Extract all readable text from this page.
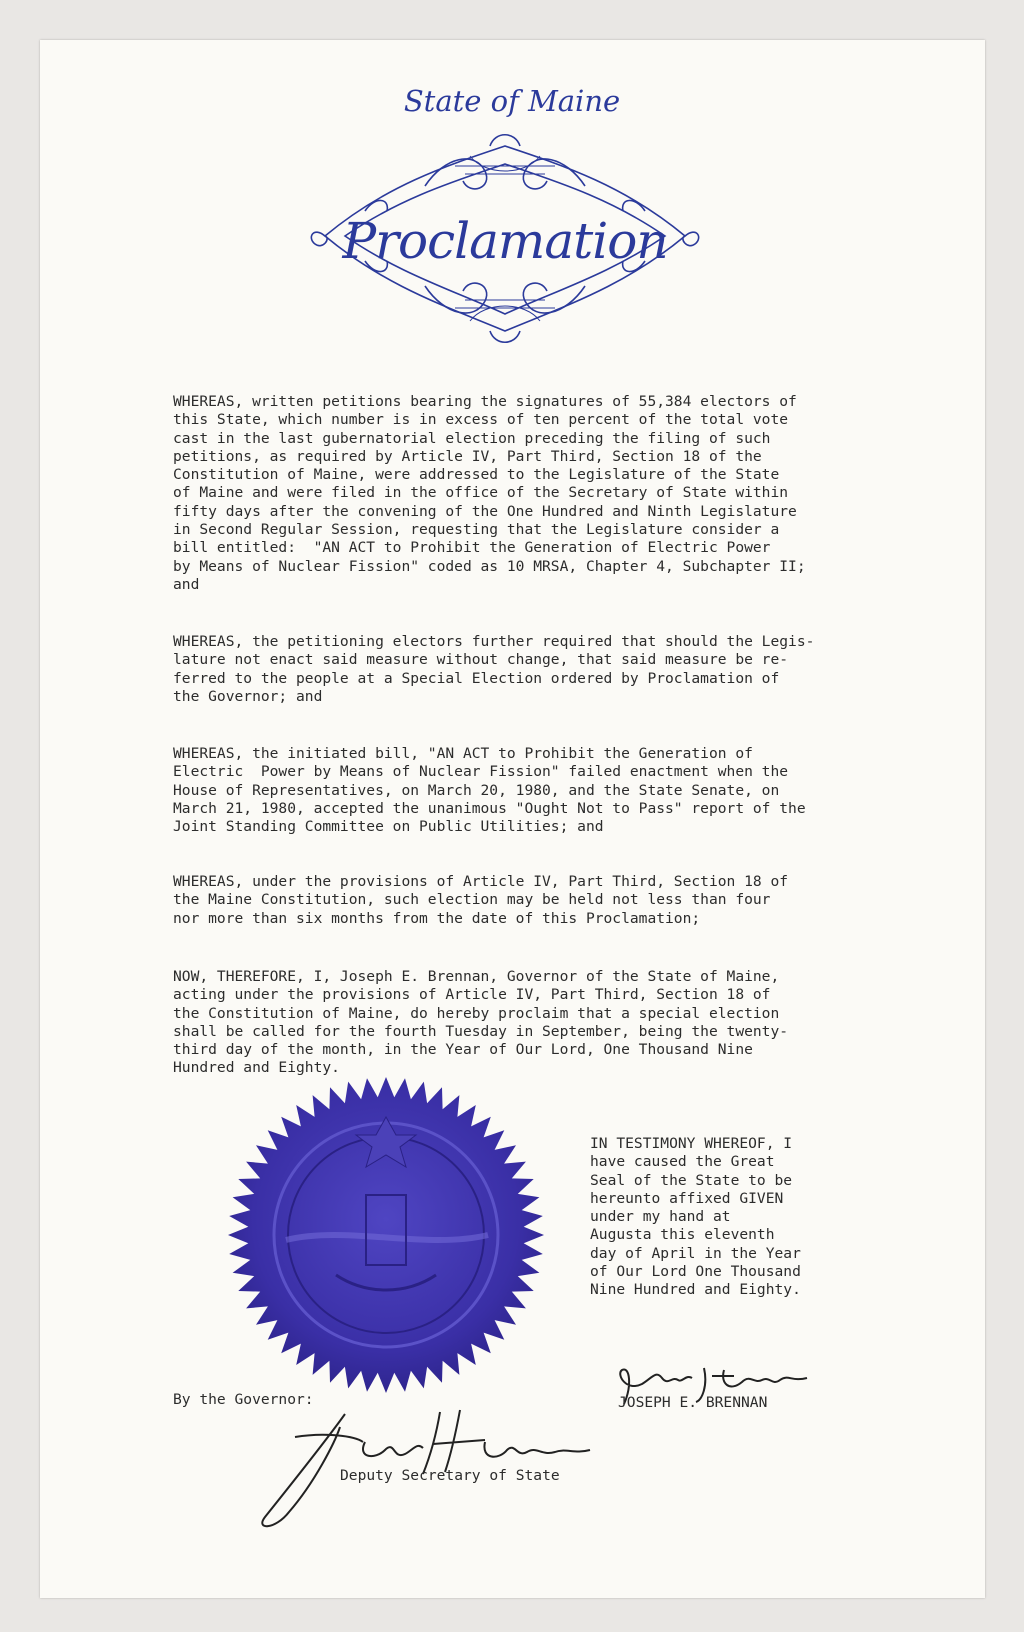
State of Maine
Proclamation

WHEREAS, written petitions bearing the signatures of 55,384 electors of
this State, which number is in excess of ten percent of the total vote
cast in the last gubernatorial election preceding the filing of such
petitions, as required by Article IV, Part Third, Section 18 of the
Constitution of Maine, were addressed to the Legislature of the State
of Maine and were filed in the office of the Secretary of State within
fifty days after the convening of the One Hundred and Ninth Legislature
in Second Regular Session, requesting that the Legislature consider a
bill entitled:  "AN ACT to Prohibit the Generation of Electric Power
by Means of Nuclear Fission" coded as 10 MRSA, Chapter 4, Subchapter II;
and

WHEREAS, the petitioning electors further required that should the Legis-
lature not enact said measure without change, that said measure be re-
ferred to the people at a Special Election ordered by Proclamation of
the Governor; and

WHEREAS, the initiated bill, "AN ACT to Prohibit the Generation of
Electric  Power by Means of Nuclear Fission" failed enactment when the
House of Representatives, on March 20, 1980, and the State Senate, on
March 21, 1980, accepted the unanimous "Ought Not to Pass" report of the
Joint Standing Committee on Public Utilities; and

WHEREAS, under the provisions of Article IV, Part Third, Section 18 of
the Maine Constitution, such election may be held not less than four
nor more than six months from the date of this Proclamation;

NOW, THEREFORE, I, Joseph E. Brennan, Governor of the State of Maine,
acting under the provisions of Article IV, Part Third, Section 18 of
the Constitution of Maine, do hereby proclaim that a special election
shall be called for the fourth Tuesday in September, being the twenty-
third day of the month, in the Year of Our Lord, One Thousand Nine
Hundred and Eighty.

IN TESTIMONY WHEREOF, I
have caused the Great
Seal of the State to be
hereunto affixed GIVEN
under my hand at
Augusta this eleventh
day of April in the Year
of Our Lord One Thousand
Nine Hundred and Eighty.

JOSEPH E. BRENNAN
By the Governor:
Deputy Secretary of State
